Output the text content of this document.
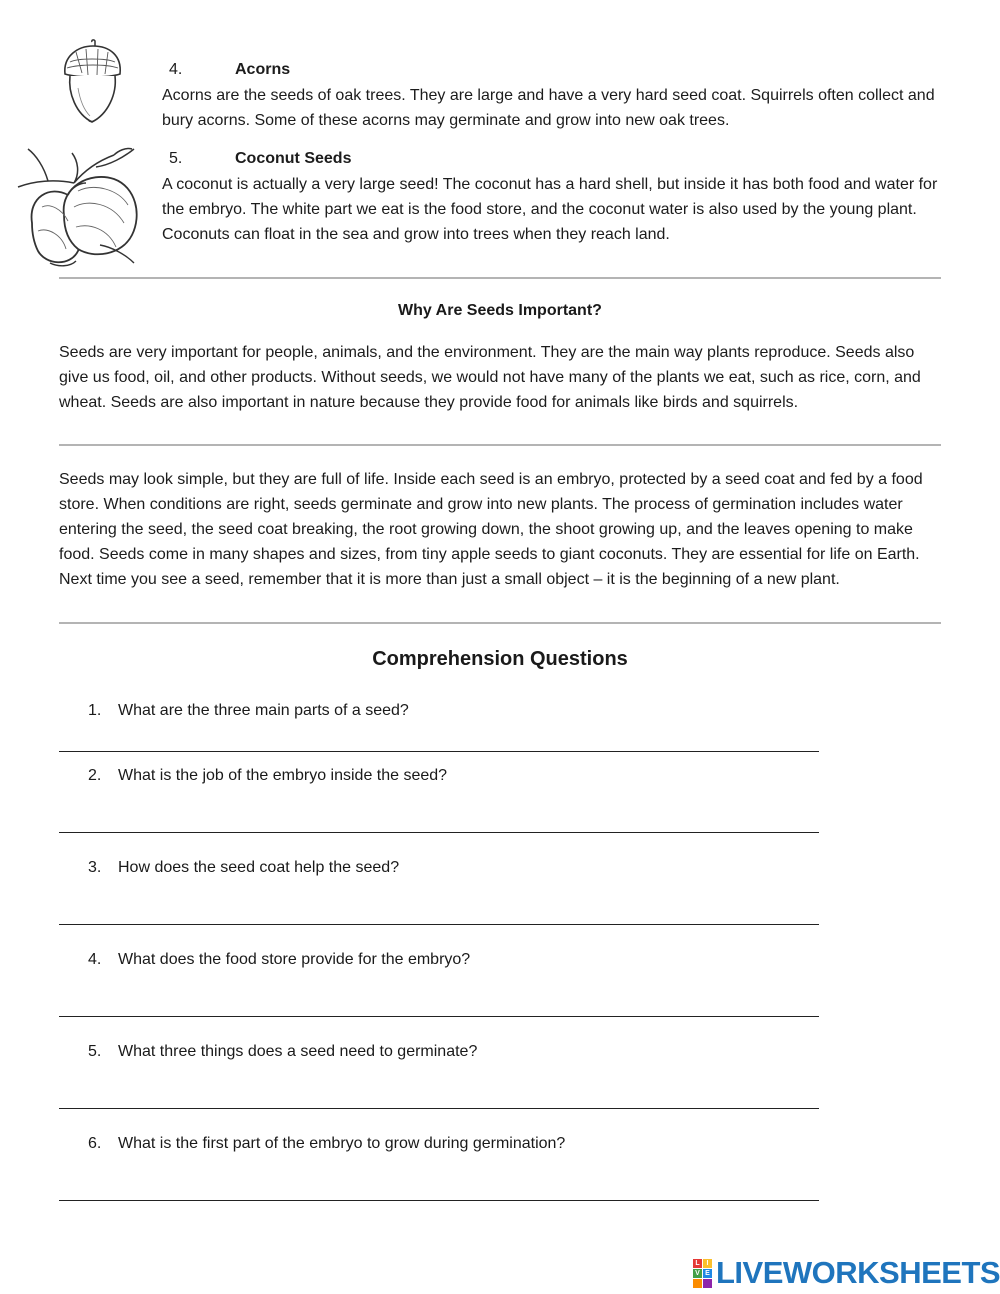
4.	Acorns
Acorns are the seeds of oak trees. They are large and have a very hard seed coat. Squirrels often collect and bury acorns. Some of these acorns may germinate and grow into new oak trees.
5.	Coconut Seeds
A coconut is actually a very large seed! The coconut has a hard shell, but inside it has both food and water for the embryo. The white part we eat is the food store, and the coconut water is also used by the young plant. Coconuts can float in the sea and grow into trees when they reach land.
Why Are Seeds Important?
Seeds are very important for people, animals, and the environment. They are the main way plants reproduce. Seeds also give us food, oil, and other products. Without seeds, we would not have many of the plants we eat, such as rice, corn, and wheat. Seeds are also important in nature because they provide food for animals like birds and squirrels.
Seeds may look simple, but they are full of life. Inside each seed is an embryo, protected by a seed coat and fed by a food store. When conditions are right, seeds germinate and grow into new plants. The process of germination includes water entering the seed, the seed coat breaking, the root growing down, the shoot growing up, and the leaves opening to make food. Seeds come in many shapes and sizes, from tiny apple seeds to giant coconuts. They are essential for life on Earth. Next time you see a seed, remember that it is more than just a small object – it is the beginning of a new plant.
Comprehension Questions
1. What are the three main parts of a seed?
2. What is the job of the embryo inside the seed?
3. How does the seed coat help the seed?
4. What does the food store provide for the embryo?
5. What three things does a seed need to germinate?
6. What is the first part of the embryo to grow during germination?
L I
V E LIVEWORKSHEETS
